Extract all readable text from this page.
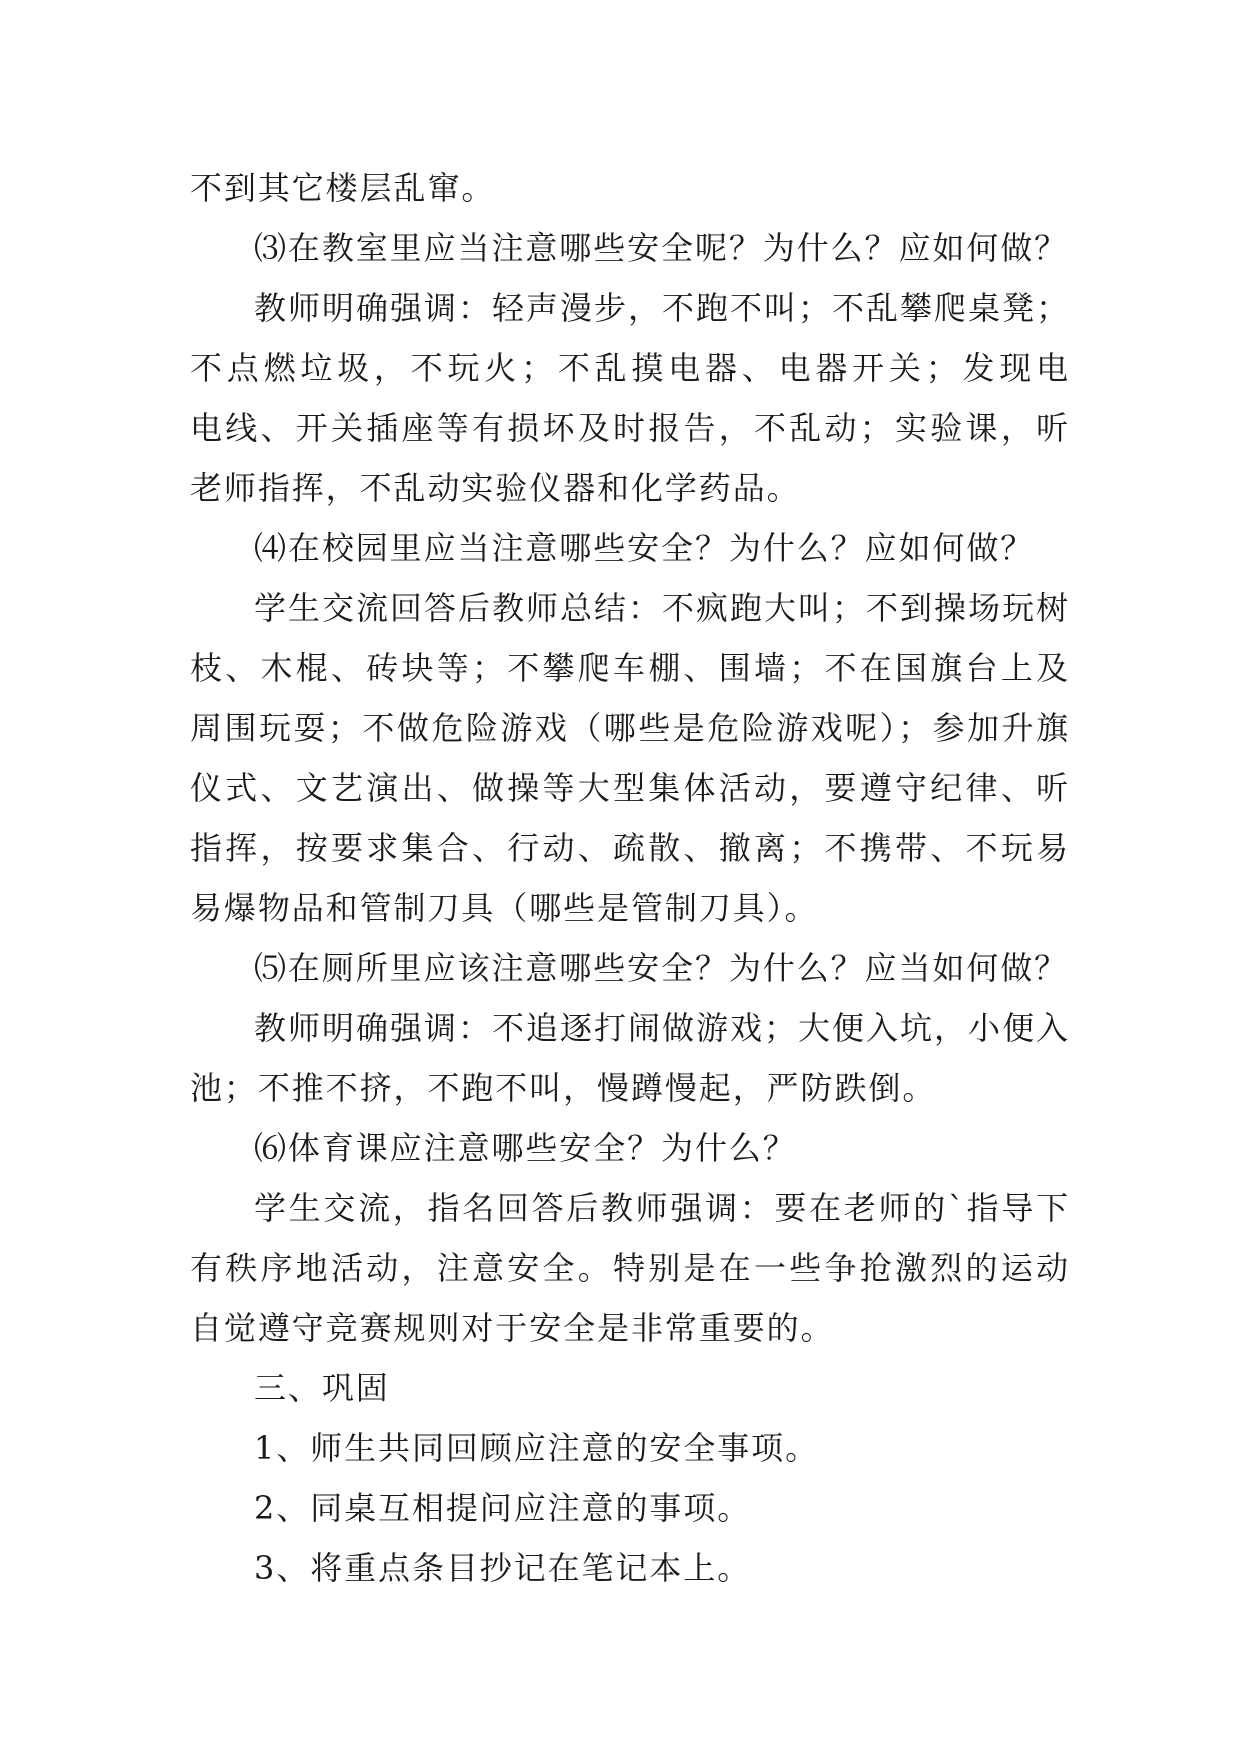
不到其它楼层乱窜。
⑶在教室里应当注意哪些安全呢？为什么？应如何做？
教师明确强调：轻声漫步，不跑不叫；不乱攀爬桌凳；
不点燃垃圾，不玩火；不乱摸电器、电器开关；发现电
电线、开关插座等有损坏及时报告，不乱动；实验课，听
老师指挥，不乱动实验仪器和化学药品。
⑷在校园里应当注意哪些安全？为什么？应如何做？
学生交流回答后教师总结：不疯跑大叫；不到操场玩树
枝、木棍、砖块等；不攀爬车棚、围墙；不在国旗台上及
周围玩耍；不做危险游戏（哪些是危险游戏呢）；参加升旗
仪式、文艺演出、做操等大型集体活动，要遵守纪律、听
指挥，按要求集合、行动、疏散、撤离；不携带、不玩易
易爆物品和管制刀具（哪些是管制刀具）。
⑸在厕所里应该注意哪些安全？为什么？应当如何做？
教师明确强调：不追逐打闹做游戏；大便入坑，小便入
池；不推不挤，不跑不叫，慢蹲慢起，严防跌倒。
⑹体育课应注意哪些安全？为什么？
学生交流，指名回答后教师强调：要在老师的`指导下
有秩序地活动，注意安全。特别是在一些争抢激烈的运动
自觉遵守竞赛规则对于安全是非常重要的。
三、巩固
1、师生共同回顾应注意的安全事项。
2、同桌互相提问应注意的事项。
3、将重点条目抄记在笔记本上。
